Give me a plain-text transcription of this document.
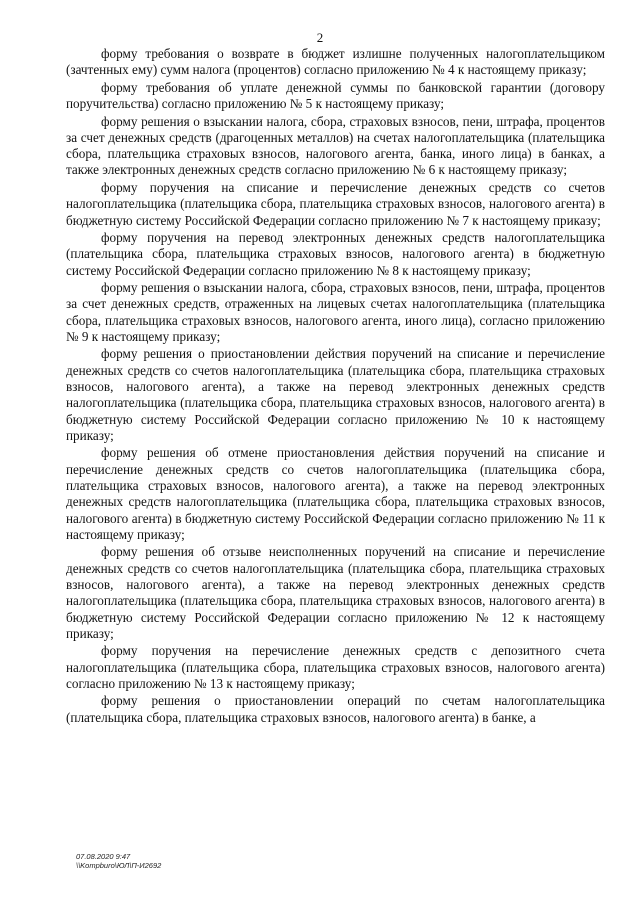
2

форму требования о возврате в бюджет излишне полученных налогоплательщиком (зачтенных ему) сумм налога (процентов) согласно приложению № 4 к настоящему приказу;

форму требования об уплате денежной суммы по банковской гарантии (договору поручительства) согласно приложению № 5 к настоящему приказу;

форму решения о взыскании налога, сбора, страховых взносов, пени, штрафа, процентов за счет денежных средств (драгоценных металлов) на счетах налогоплательщика (плательщика сбора, плательщика страховых взносов, налогового агента, банка, иного лица) в банках, а также электронных денежных средств согласно приложению № 6 к настоящему приказу;

форму поручения на списание и перечисление денежных средств со счетов налогоплательщика (плательщика сбора, плательщика страховых взносов, налогового агента) в бюджетную систему Российской Федерации согласно приложению № 7 к настоящему приказу;

форму поручения на перевод электронных денежных средств налогоплательщика (плательщика сбора, плательщика страховых взносов, налогового агента) в бюджетную систему Российской Федерации согласно приложению № 8 к настоящему приказу;

форму решения о взыскании налога, сбора, страховых взносов, пени, штрафа, процентов за счет денежных средств, отраженных на лицевых счетах налогоплательщика (плательщика сбора, плательщика страховых взносов, налогового агента, иного лица), согласно приложению № 9 к настоящему приказу;

форму решения о приостановлении действия поручений на списание и перечисление денежных средств со счетов налогоплательщика (плательщика сбора, плательщика страховых взносов, налогового агента), а также на перевод электронных денежных средств налогоплательщика (плательщика сбора, плательщика страховых взносов, налогового агента) в бюджетную систему Российской Федерации согласно приложению № 10 к настоящему приказу;

форму решения об отмене приостановления действия поручений на списание и перечисление денежных средств со счетов налогоплательщика (плательщика сбора, плательщика страховых взносов, налогового агента), а также на перевод электронных денежных средств налогоплательщика (плательщика сбора, плательщика страховых взносов, налогового агента) в бюджетную систему Российской Федерации согласно приложению № 11 к настоящему приказу;

форму решения об отзыве неисполненных поручений на списание и перечисление денежных средств со счетов налогоплательщика (плательщика сбора, плательщика страховых взносов, налогового агента), а также на перевод электронных денежных средств налогоплательщика (плательщика сбора, плательщика страховых взносов, налогового агента) в бюджетную систему Российской Федерации согласно приложению № 12 к настоящему приказу;

форму поручения на перечисление денежных средств с депозитного счета налогоплательщика (плательщика сбора, плательщика страховых взносов, налогового агента) согласно приложению № 13 к настоящему приказу;

форму решения о приостановлении операций по счетам налогоплательщика (плательщика сбора, плательщика страховых взносов, налогового агента) в банке, а

07.08.2020 9:47
\\Kompburo\ЮЛ\П-И2692
